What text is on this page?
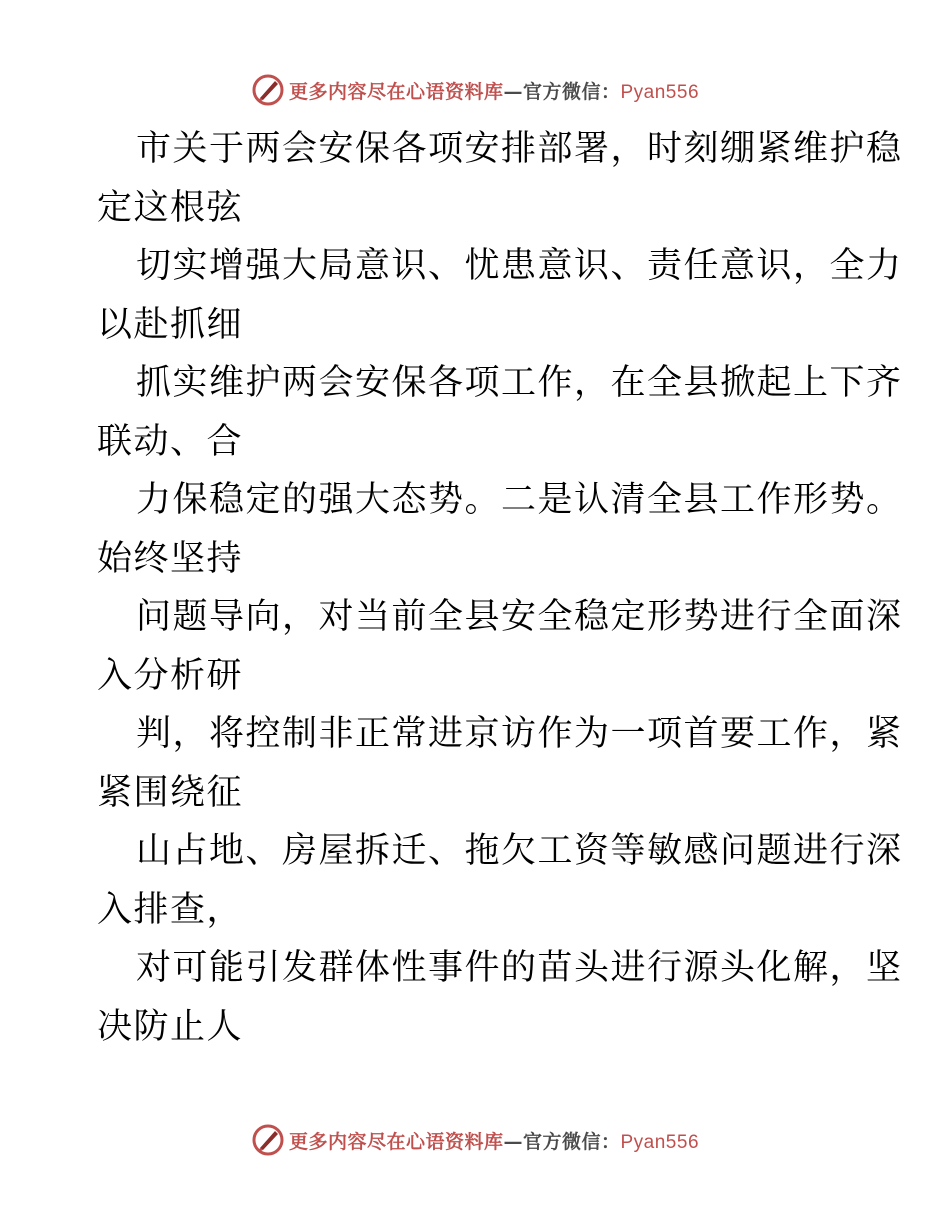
更多内容尽在心语资料库—官方微信：Pyan556

市关于两会安保各项安排部署，时刻绷紧维护稳
定这根弦

切实增强大局意识、忧患意识、责任意识，全力
以赴抓细

抓实维护两会安保各项工作，在全县掀起上下齐
联动、合

力保稳定的强大态势。二是认清全县工作形势。
始终坚持

问题导向，对当前全县安全稳定形势进行全面深
入分析研

判，将控制非正常进京访作为一项首要工作，紧
紧围绕征

山占地、房屋拆迁、拖欠工资等敏感问题进行深
入排查，

对可能引发群体性事件的苗头进行源头化解，坚
决防止人

更多内容尽在心语资料库—官方微信：Pyan556
